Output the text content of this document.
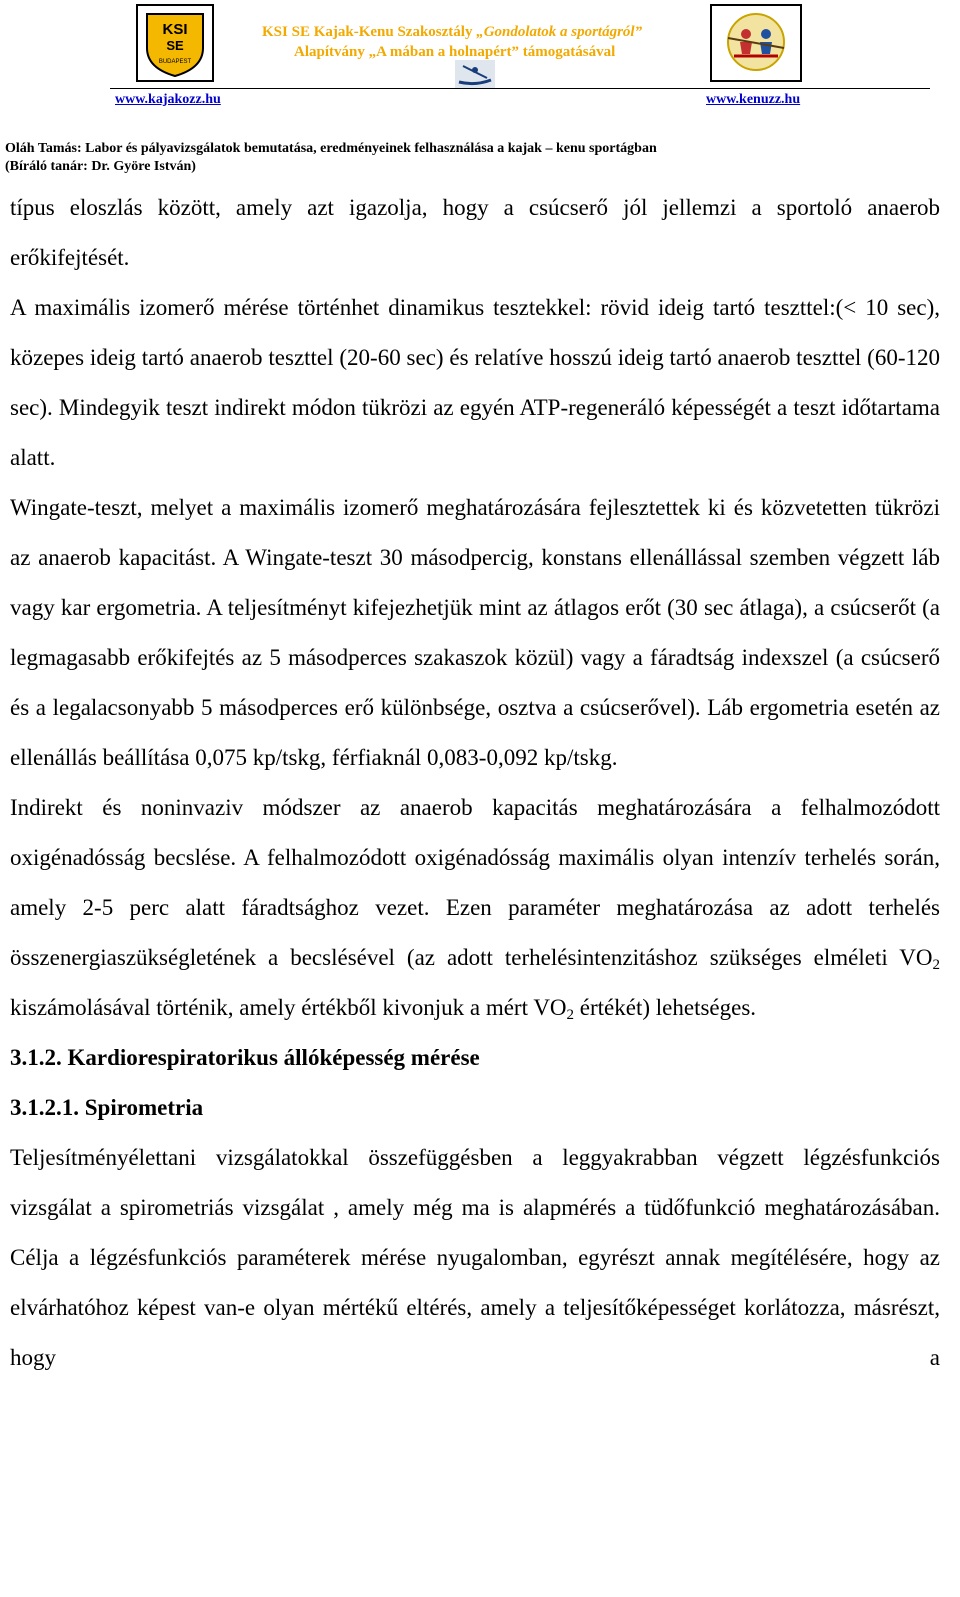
KSI
SE
BUDAPEST
KSI SE Kajak-Kenu Szakosztály „Gondolatok a sportágról”
Alapítvány „A mában a holnapért” támogatásával
www.kajakozz.hu	www.kenuzz.hu
Oláh Tamás: Labor és pályavizsgálatok bemutatása, eredményeinek felhasználása a kajak – kenu sportágban
(Bíráló tanár: Dr. Györe István)

típus eloszlás között, amely azt igazolja, hogy a csúcserő jól jellemzi a sportoló anaerob erőkifejtését.

A maximális izomerő mérése történhet dinamikus tesztekkel: rövid ideig tartó teszttel:(< 10 sec), közepes ideig tartó anaerob teszttel (20-60 sec) és relatíve hosszú ideig tartó anaerob teszttel (60-120 sec). Mindegyik teszt indirekt módon tükrözi az egyén ATP-regeneráló képességét a teszt időtartama alatt.

Wingate-teszt, melyet a maximális izomerő meghatározására fejlesztettek ki és közvetetten tükrözi az anaerob kapacitást. A Wingate-teszt 30 másodpercig, konstans ellenállással szemben végzett láb vagy kar ergometria. A teljesítményt kifejezhetjük mint az átlagos erőt (30 sec átlaga), a csúcserőt (a legmagasabb erőkifejtés az 5 másodperces szakaszok közül) vagy a fáradtság indexszel (a csúcserő és a legalacsonyabb 5 másodperces erő különbsége, osztva a csúcserővel). Láb ergometria esetén az ellenállás beállítása 0,075 kp/tskg, férfiaknál 0,083-0,092 kp/tskg.

Indirekt és noninvaziv módszer az anaerob kapacitás meghatározására a felhalmozódott oxigénadósság becslése. A felhalmozódott oxigénadósság maximális olyan intenzív terhelés során, amely 2-5 perc alatt fáradtsághoz vezet. Ezen paraméter meghatározása az adott terhelés összenergiaszükségletének a becslésével (az adott terhelésintenzitáshoz szükséges elméleti $VO_2$ kiszámolásával történik, amely értékből kivonjuk a mért $VO_2$ értékét) lehetséges.

3.1.2. Kardiorespiratorikus állóképesség mérése

3.1.2.1. Spirometria

Teljesítményélettani vizsgálatokkal összefüggésben a leggyakrabban végzett légzésfunkciós vizsgálat a spirometriás vizsgálat , amely még ma is alapmérés a tüdőfunkció meghatározásában. Célja a légzésfunkciós paraméterek mérése nyugalomban, egyrészt annak megítélésére, hogy az elvárhatóhoz képest van-e olyan mértékű eltérés, amely a teljesítőképességet korlátozza, másrészt, hogy a
